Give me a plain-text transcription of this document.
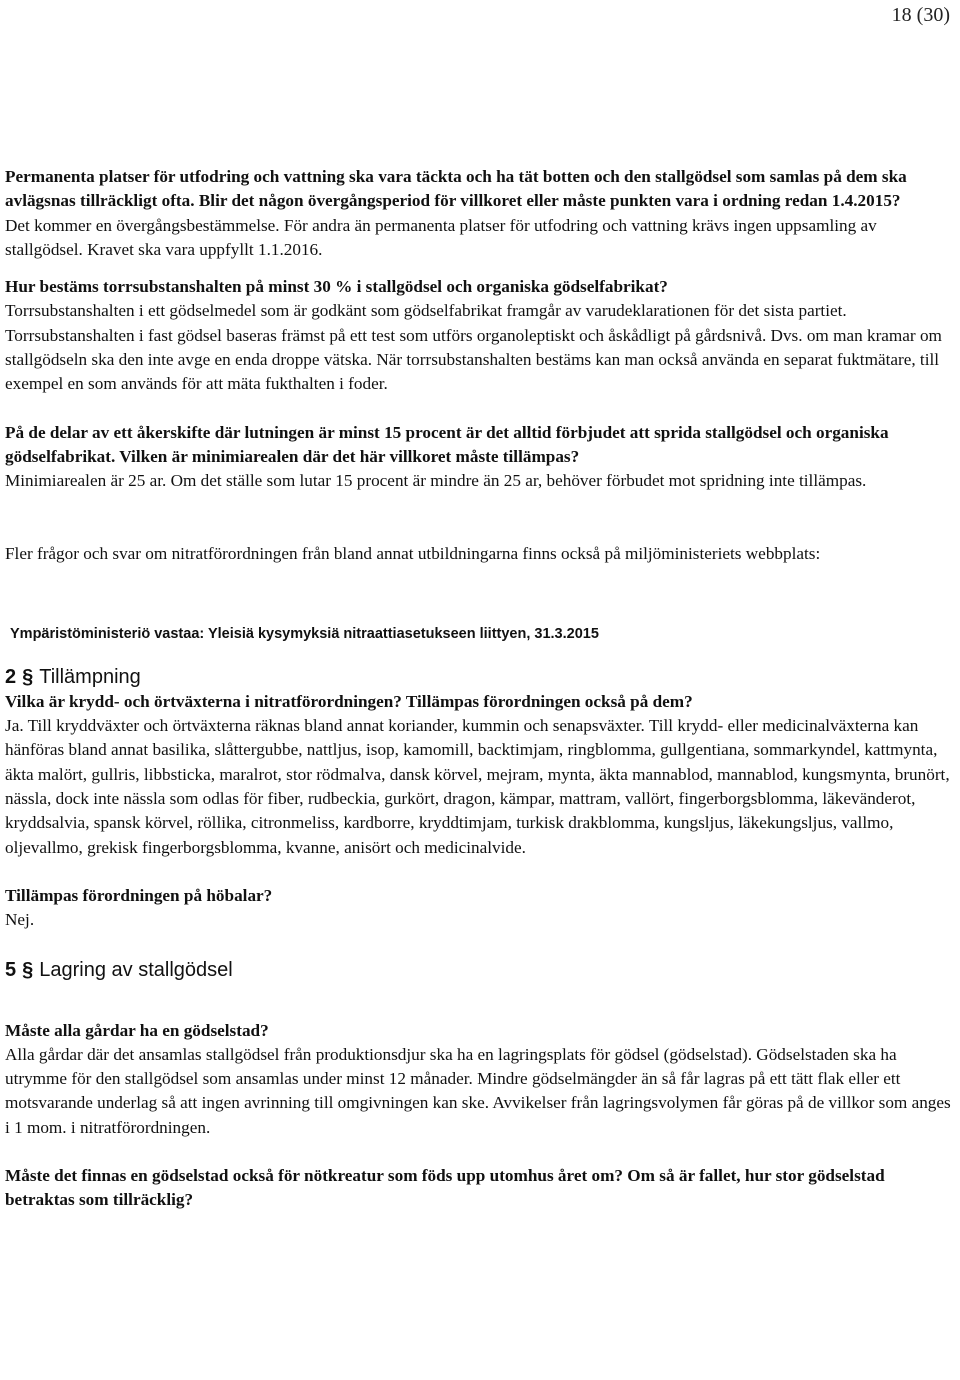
18 (30)

Permanenta platser för utfodring och vattning ska vara täckta och ha tät botten och den stallgödsel som samlas på dem ska avlägsnas tillräckligt ofta. Blir det någon övergångsperiod för villkoret eller måste punkten vara i ordning redan 1.4.2015?

Det kommer en övergångsbestämmelse. För andra än permanenta platser för utfodring och vattning krävs ingen uppsamling av stallgödsel. Kravet ska vara uppfyllt 1.1.2016.

Hur bestäms torrsubstanshalten på minst 30 % i stallgödsel och organiska gödselfabrikat?

Torrsubstanshalten i ett gödselmedel som är godkänt som gödselfabrikat framgår av varudeklarationen för det sista partiet. Torrsubstanshalten i fast gödsel baseras främst på ett test som utförs organoleptiskt och åskådligt på gårdsnivå. Dvs. om man kramar om stallgödseln ska den inte avge en enda droppe vätska. När torrsubstanshalten bestäms kan man också använda en separat fuktmätare, till exempel en som används för att mäta fukthalten i foder.

På de delar av ett åkerskifte där lutningen är minst 15 procent är det alltid förbjudet att sprida stallgödsel och organiska gödselfabrikat. Vilken är minimiarealen där det här villkoret måste tillämpas?

Minimiarealen är 25 ar. Om det ställe som lutar 15 procent är mindre än 25 ar, behöver förbudet mot spridning inte tillämpas.

Fler frågor och svar om nitratförordningen från bland annat utbildningarna finns också på miljöministeriets webbplats:

Ympäristöministeriö vastaa: Yleisiä kysymyksiä nitraattiasetukseen liittyen, 31.3.2015

2 § Tillämpning

Vilka är krydd- och örtväxterna i nitratförordningen? Tillämpas förordningen också på dem?

Ja. Till kryddväxter och örtväxterna räknas bland annat koriander, kummin och senapsväxter. Till krydd- eller medicinalväxterna kan hänföras bland annat basilika, slåttergubbe, nattljus, isop, kamomill, backtimjam, ringblomma, gullgentiana, sommarkyndel, kattmynta, äkta malört, gullris, libbsticka, maralrot, stor rödmalva, dansk körvel, mejram, mynta, äkta mannablod, mannablod, kungsmynta, brunört, nässla, dock inte nässla som odlas för fiber, rudbeckia, gurkört, dragon, kämpar, mattram, vallört, fingerborgsblomma, läkevänderot, kryddsalvia, spansk körvel, röllika, citronmeliss, kardborre, kryddtimjam, turkisk drakblomma, kungsljus, läkekungsljus, vallmo, oljevallmo, grekisk fingerborgsblomma, kvanne, anisört och medicinalvide.

Tillämpas förordningen på höbalar?

Nej.

5 § Lagring av stallgödsel

Måste alla gårdar ha en gödselstad?

Alla gårdar där det ansamlas stallgödsel från produktionsdjur ska ha en lagringsplats för gödsel (gödselstad). Gödselstaden ska ha utrymme för den stallgödsel som ansamlas under minst 12 månader. Mindre gödselmängder än så får lagras på ett tätt flak eller ett motsvarande underlag så att ingen avrinning till omgivningen kan ske. Avvikelser från lagringsvolymen får göras på de villkor som anges i 1 mom. i nitratförordningen.

Måste det finnas en gödselstad också för nötkreatur som föds upp utomhus året om? Om så är fallet, hur stor gödselstad betraktas som tillräcklig?
